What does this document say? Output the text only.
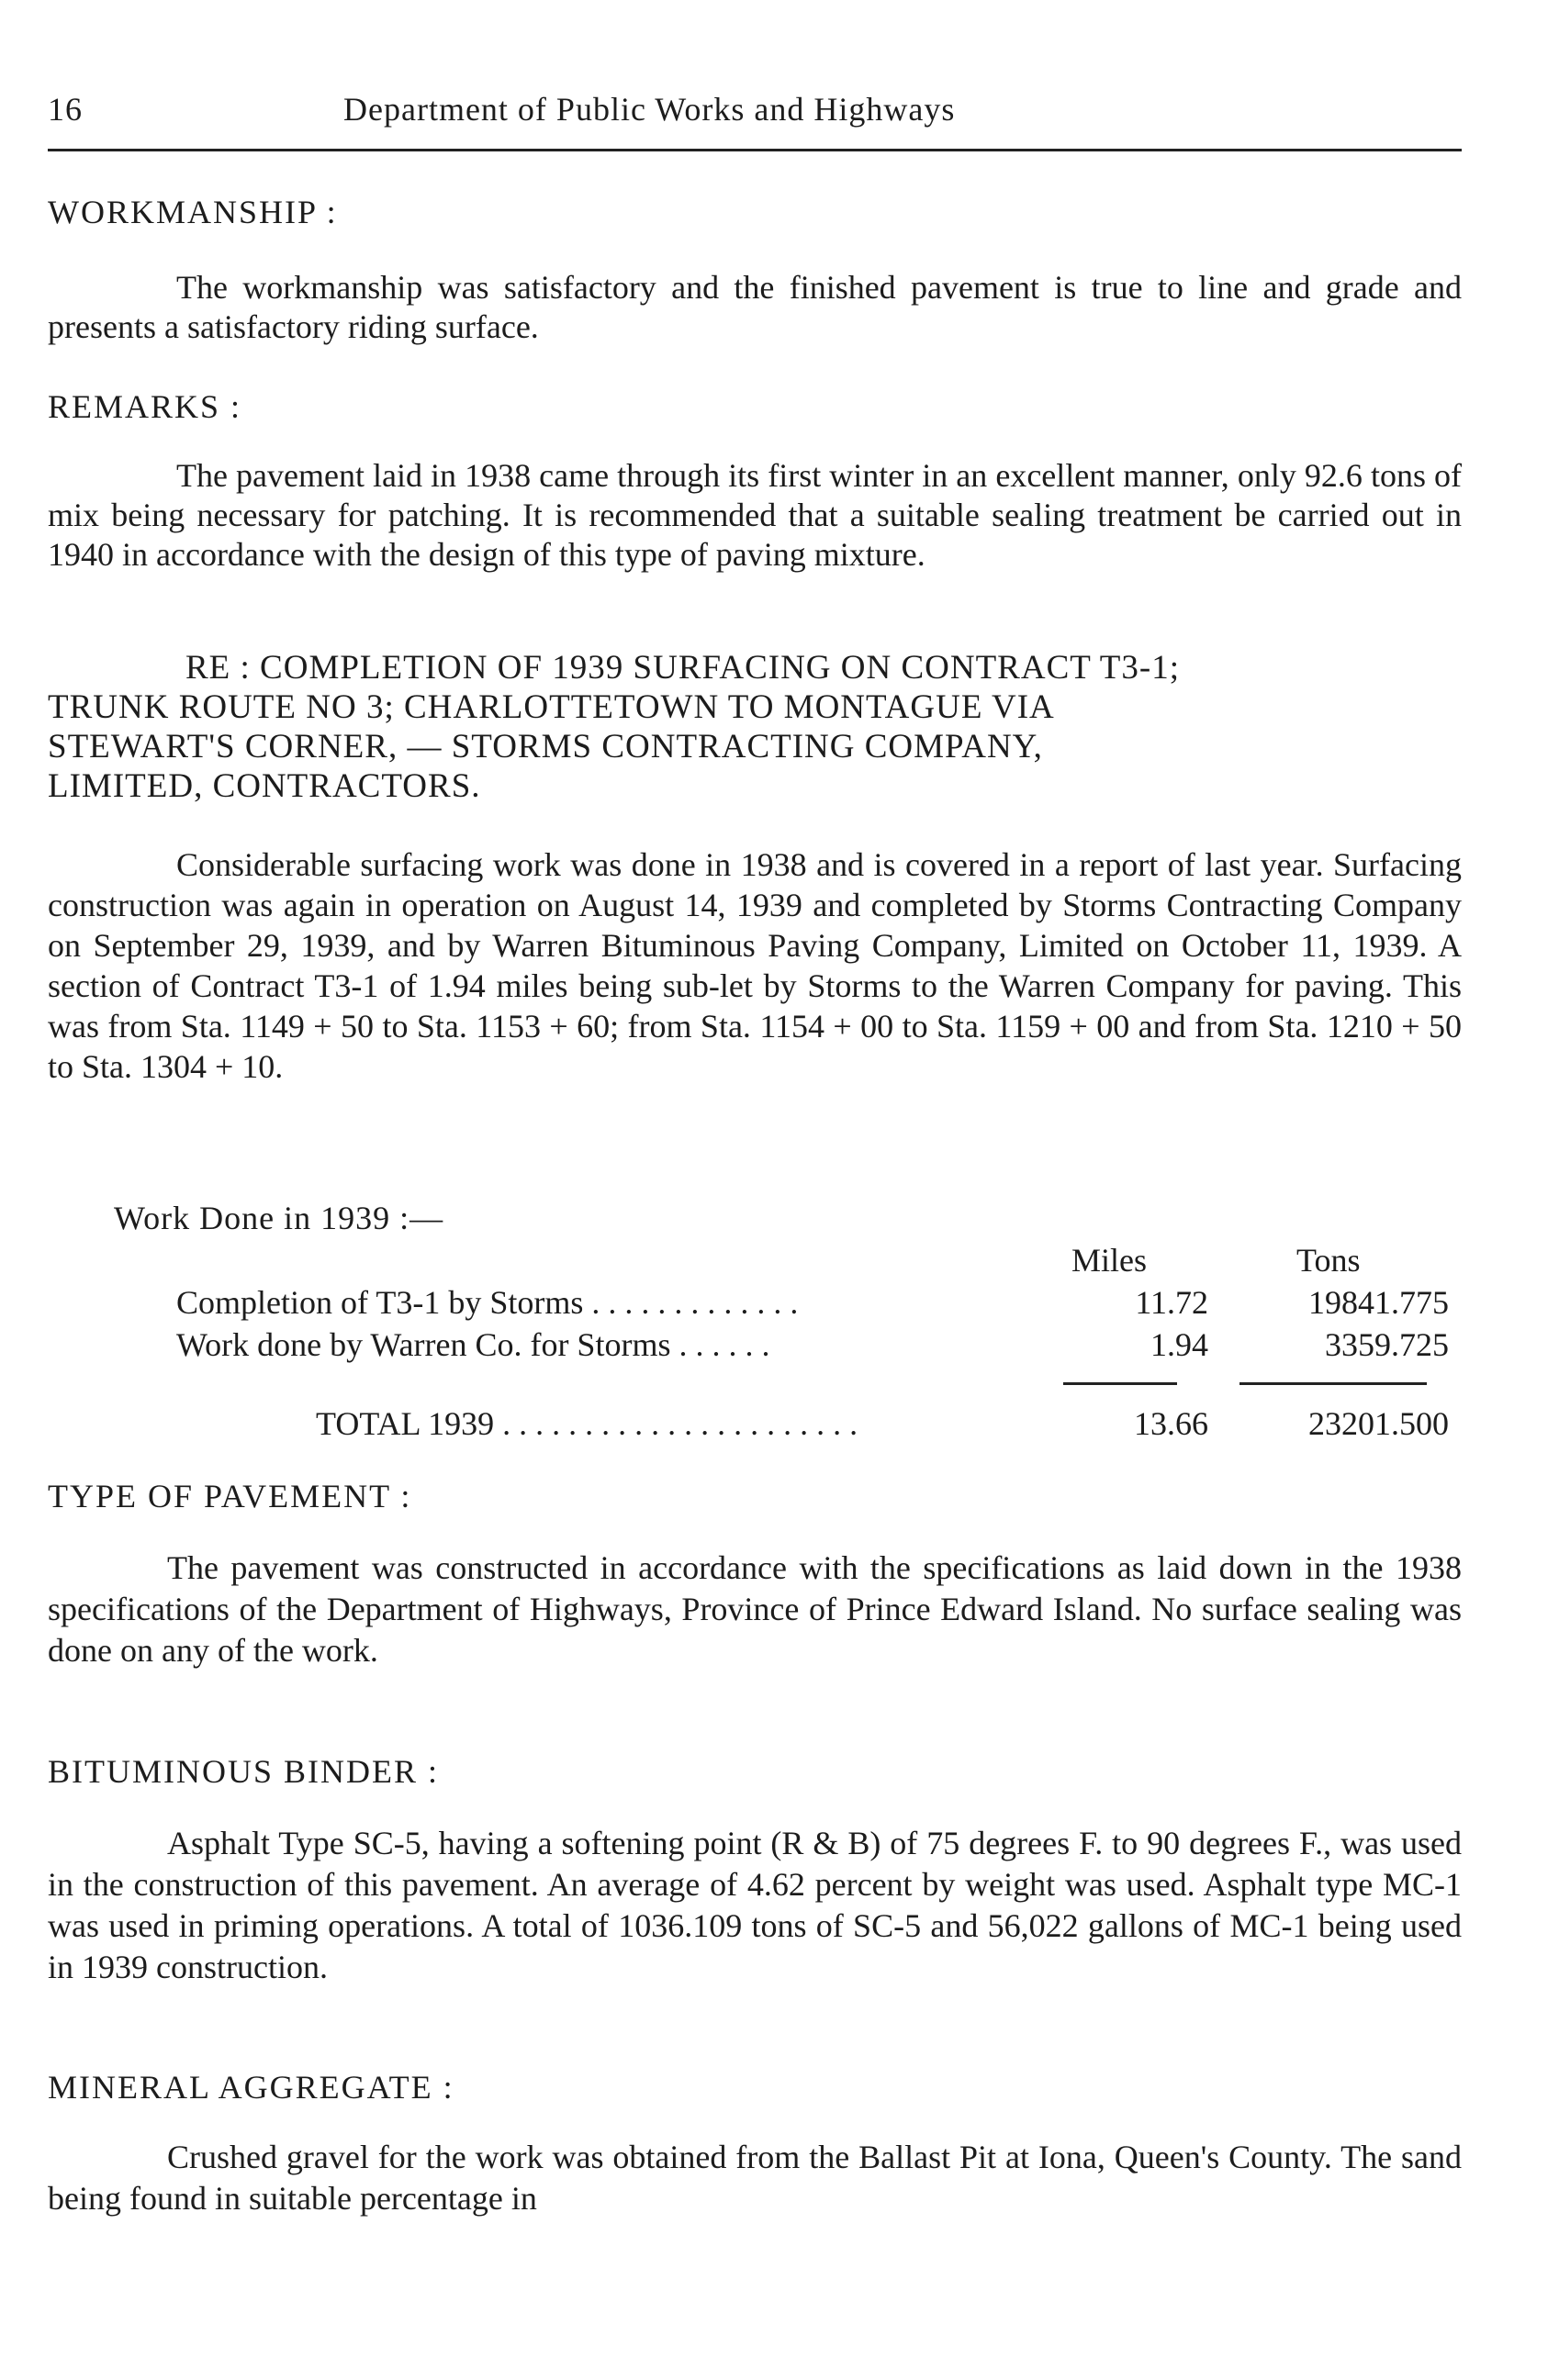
16	Department of Public Works and Highways
WORKMANSHIP :

The workmanship was satisfactory and the finished pavement is true to line and grade and presents a satisfactory riding surface.

REMARKS :

The pavement laid in 1938 came through its first winter in an excellent manner, only 92.6 tons of mix being necessary for patching. It is recommended that a suitable sealing treatment be carried out in 1940 in accordance with the design of this type of paving mixture.

RE : COMPLETION OF 1939 SURFACING ON CONTRACT T3-1;
TRUNK ROUTE NO 3; CHARLOTTETOWN TO MONTAGUE VIA
STEWART'S CORNER, — STORMS CONTRACTING COMPANY,
LIMITED, CONTRACTORS.

Considerable surfacing work was done in 1938 and is covered in a report of last year. Surfacing construction was again in operation on August 14, 1939 and completed by Storms Contracting Company on September 29, 1939, and by Warren Bituminous Paving Company, Limited on October 11, 1939. A section of Contract T3-1 of 1.94 miles being sub-let by Storms to the Warren Company for paving. This was from Sta. 1149 + 50 to Sta. 1153 + 60; from Sta. 1154 + 00 to Sta. 1159 + 00 and from Sta. 1210 + 50 to Sta. 1304 + 10.

Work Done in 1939 :—
Miles	Tons
Completion of T3-1 by Storms . . . . . . . . . . . . .	11.72	19841.775
Work done by Warren Co. for Storms . . . . . .	1.94	3359.725
TOTAL 1939 . . . . . . . . . . . . . . . . . . . . . .	13.66	23201.500
TYPE OF PAVEMENT :

The pavement was constructed in accordance with the specifications as laid down in the 1938 specifications of the Department of Highways, Province of Prince Edward Island. No surface sealing was done on any of the work.

BITUMINOUS BINDER :

Asphalt Type SC-5, having a softening point (R & B) of 75 degrees F. to 90 degrees F., was used in the construction of this pavement. An average of 4.62 percent by weight was used. Asphalt type MC-1 was used in priming operations. A total of 1036.109 tons of SC-5 and 56,022 gallons of MC-1 being used in 1939 construction.

MINERAL AGGREGATE :

Crushed gravel for the work was obtained from the Ballast Pit at Iona, Queen's County. The sand being found in suitable percentage in
